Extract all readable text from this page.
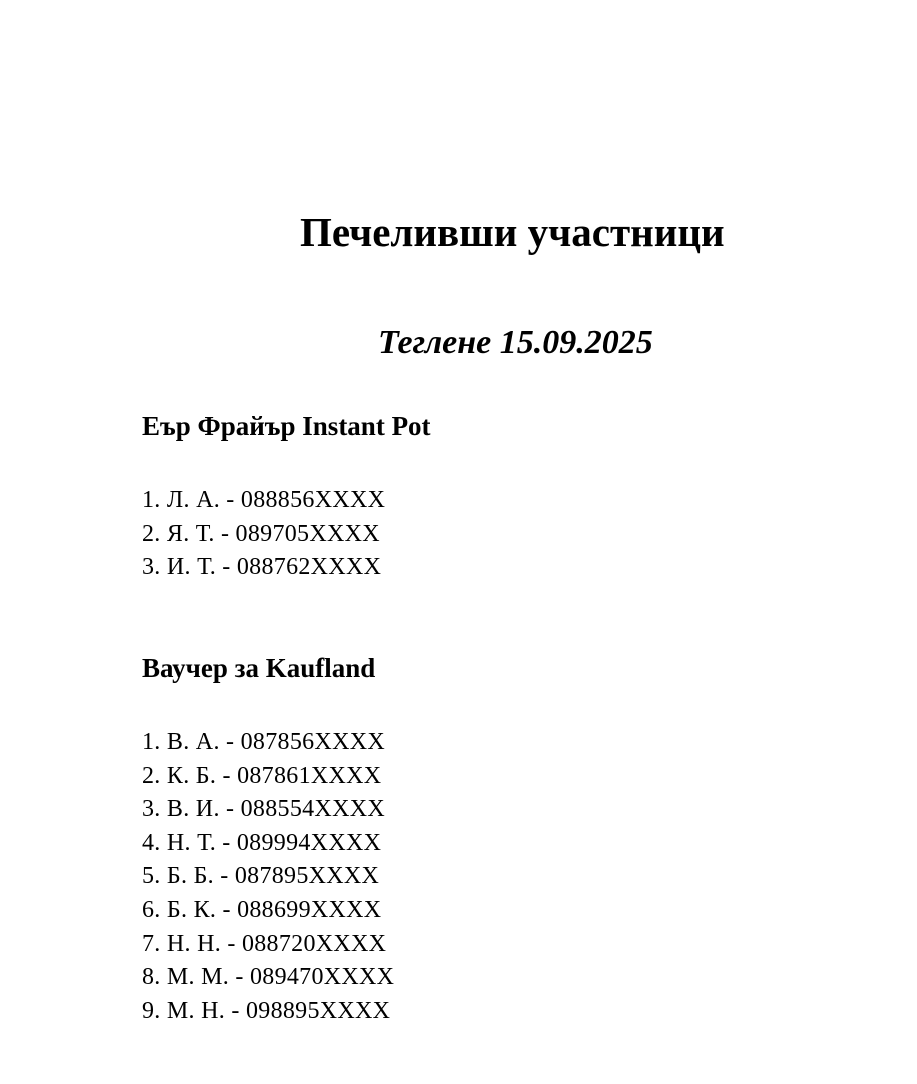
Печеливши участници
Теглене 15.09.2025
Еър Фрайър Instant Pot
1. Л. А. - 088856XXXX
2. Я. Т. - 089705XXXX
3. И. Т. - 088762XXXX
Ваучер за Kaufland
1. В. А. - 087856XXXX
2. К. Б. - 087861XXXX
3. В. И. - 088554XXXX
4. Н. Т. - 089994XXXX
5. Б. Б. - 087895XXXX
6. Б. К. - 088699XXXX
7. Н. Н. - 088720XXXX
8. М. М. - 089470XXXX
9. М. Н. - 098895XXXX
